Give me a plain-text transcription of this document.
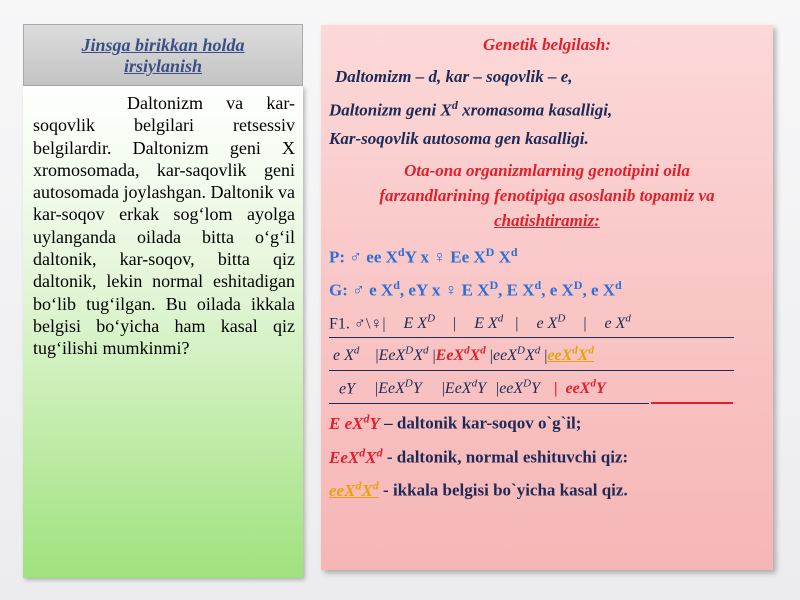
Jinsga birikkan holda
irsiylanish

Daltonizm va kar-soqovlik belgilari retsessiv belgilardir. Daltonizm geni X xromosomada, kar-saqovlik geni autosomada joylashgan. Daltonik va kar-soqov erkak sog‘lom ayolga uylanganda oilada bitta o‘g‘il daltonik, kar-soqov, bitta qiz daltonik, lekin normal eshitadigan bo‘lib tug‘ilgan. Bu oilada ikkala belgisi bo‘yicha ham kasal qiz tug‘ilishi mumkinmi?

Genetik belgilash:
Daltomizm – d, kar – soqovlik – e,
Daltonizm geni $X^d$ xromasoma kasalligi,
Kar-soqovlik autosoma gen kasalligi.
Ota-ona organizmlarning genotipini oila
farzandlarining fenotipiga asoslanib topamiz va
chatishtiramiz:
P: ♂ ee $X^dY$ x ♀ Ee $X^D$ $X^d$
G: ♂ e $X^d$, eY x ♀ E $X^D$, E $X^d$, e $X^D$, e $X^d$
F1. ♂\♀| E $X^D$ | E $X^d$ | e $X^D$ | e $X^d$
e $X^d$ $|EeX^DX^d$ $|EeX^dX^d$ $|eeX^DX^d$ $|eeX^dX^d$
eY |EeX$^D$Y |EeX$^d$Y |eeX$^D$Y | eeX$^d$Y
E $eX^dY$ – daltonik kar-soqov o`g`il;
$EeX^dX^d$ - daltonik, normal eshituvchi qiz:
$eeX^dX^d$ - ikkala belgisi bo`yicha kasal qiz.
